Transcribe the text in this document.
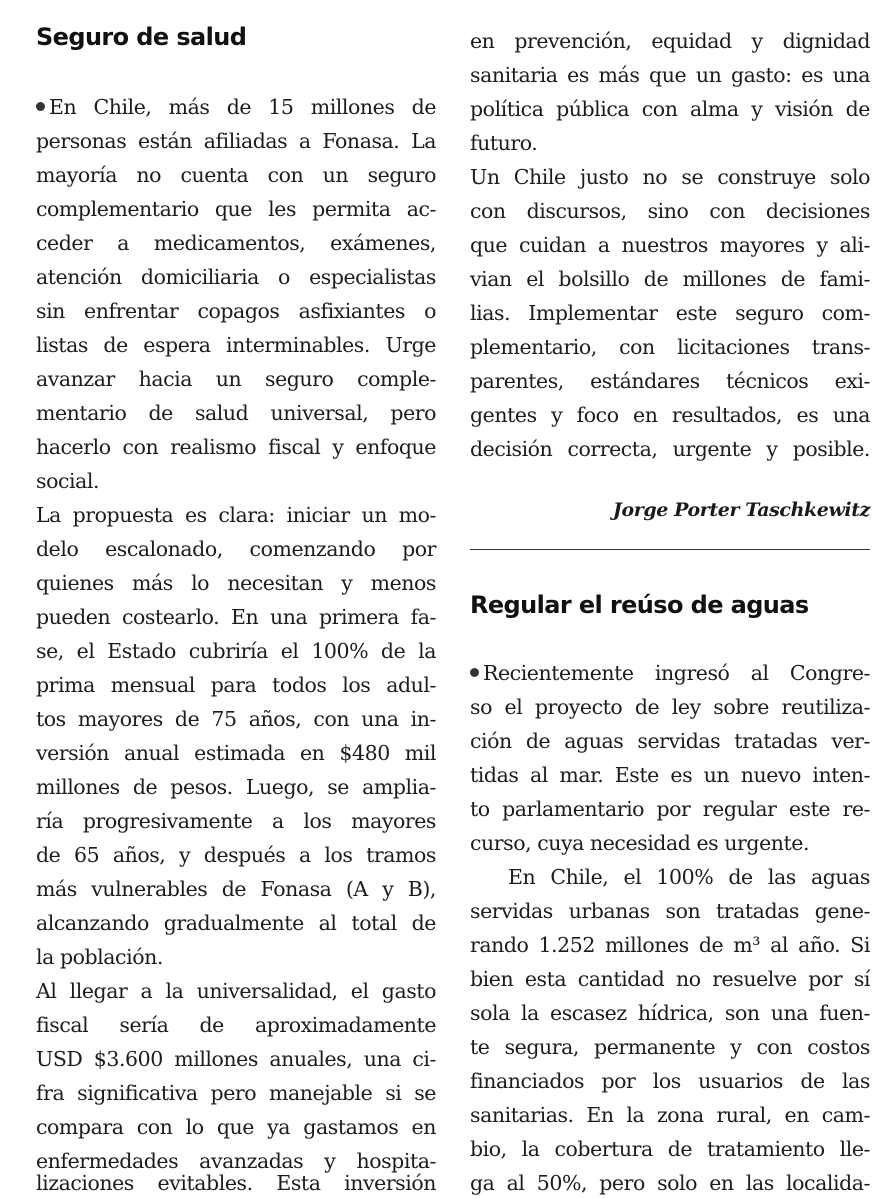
Seguro de salud
En Chile, más de 15 millones de
personas están afiliadas a Fonasa. La
mayoría no cuenta con un seguro
complementario que les permita ac-
ceder a medicamentos, exámenes,
atención domiciliaria o especialistas
sin enfrentar copagos asfixiantes o
listas de espera interminables. Urge
avanzar hacia un seguro comple-
mentario de salud universal, pero
hacerlo con realismo fiscal y enfoque
social.
La propuesta es clara: iniciar un mo-
delo escalonado, comenzando por
quienes más lo necesitan y menos
pueden costearlo. En una primera fa-
se, el Estado cubriría el 100% de la
prima mensual para todos los adul-
tos mayores de 75 años, con una in-
versión anual estimada en $480 mil
millones de pesos. Luego, se amplia-
ría progresivamente a los mayores
de 65 años, y después a los tramos
más vulnerables de Fonasa (A y B),
alcanzando gradualmente al total de
la población.
Al llegar a la universalidad, el gasto
fiscal sería de aproximadamente
USD $3.600 millones anuales, una ci-
fra significativa pero manejable si se
compara con lo que ya gastamos en
enfermedades avanzadas y hospita-
lizaciones evitables. Esta inversión
en prevención, equidad y dignidad
sanitaria es más que un gasto: es una
política pública con alma y visión de
futuro.
Un Chile justo no se construye solo
con discursos, sino con decisiones
que cuidan a nuestros mayores y ali-
vian el bolsillo de millones de fami-
lias. Implementar este seguro com-
plementario, con licitaciones trans-
parentes, estándares técnicos exi-
gentes y foco en resultados, es una
decisión correcta, urgente y posible.
Jorge Porter Taschkewitz
Regular el reúso de aguas
Recientemente ingresó al Congre-
so el proyecto de ley sobre reutiliza-
ción de aguas servidas tratadas ver-
tidas al mar. Este es un nuevo inten-
to parlamentario por regular este re-
curso, cuya necesidad es urgente.
En Chile, el 100% de las aguas
servidas urbanas son tratadas gene-
rando 1.252 millones de m³ al año. Si
bien esta cantidad no resuelve por sí
sola la escasez hídrica, son una fuen-
te segura, permanente y con costos
financiados por los usuarios de las
sanitarias. En la zona rural, en cam-
bio, la cobertura de tratamiento lle-
ga al 50%, pero solo en las localida-
